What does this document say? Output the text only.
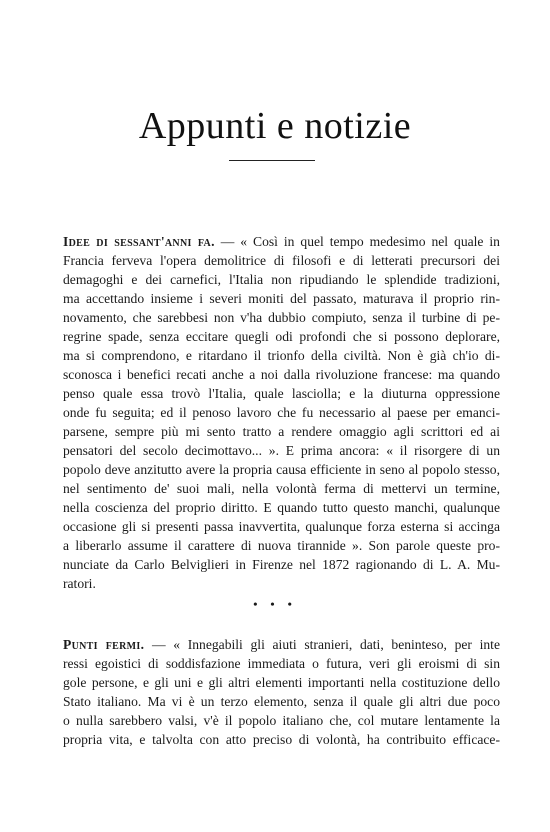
Appunti e notizie
Idee di sessant'anni fa. — « Così in quel tempo medesimo nel quale in
Francia ferveva l'opera demolitrice di filosofi e di letterati precursori dei
demagoghi e dei carnefici, l'Italia non ripudiando le splendide tradizioni,
ma accettando insieme i severi moniti del passato, maturava il proprio rin-
novamento, che sarebbesi non v'ha dubbio compiuto, senza il turbine di pe-
regrine spade, senza eccitare quegli odi profondi che si possono deplorare,
ma si comprendono, e ritardano il trionfo della civiltà. Non è già ch'io di-
sconosca i benefici recati anche a noi dalla rivoluzione francese: ma quando
penso quale essa trovò l'Italia, quale lasciolla; e la diuturna oppressione
onde fu seguita; ed il penoso lavoro che fu necessario al paese per emanci-
parsene, sempre più mi sento tratto a rendere omaggio agli scrittori ed ai
pensatori del secolo decimottavo... ». E prima ancora: « il risorgere di un
popolo deve anzitutto avere la propria causa efficiente in seno al popolo stesso,
nel sentimento de' suoi mali, nella volontà ferma di mettervi un termine,
nella coscienza del proprio diritto. E quando tutto questo manchi, qualunque
occasione gli si presenti passa inavvertita, qualunque forza esterna si accinga
a liberarlo assume il carattere di nuova tirannide ». Son parole queste pro-
nunciate da Carlo Belviglieri in Firenze nel 1872 ragionando di L. A. Mu-
ratori.
• • •
Punti fermi. — « Innegabili gli aiuti stranieri, dati, beninteso, per inte
ressi egoistici di soddisfazione immediata o futura, veri gli eroismi di sin
gole persone, e gli uni e gli altri elementi importanti nella costituzione dello
Stato italiano. Ma vi è un terzo elemento, senza il quale gli altri due poco
o nulla sarebbero valsi, v'è il popolo italiano che, col mutare lentamente la
propria vita, e talvolta con atto preciso di volontà, ha contribuito efficace-
